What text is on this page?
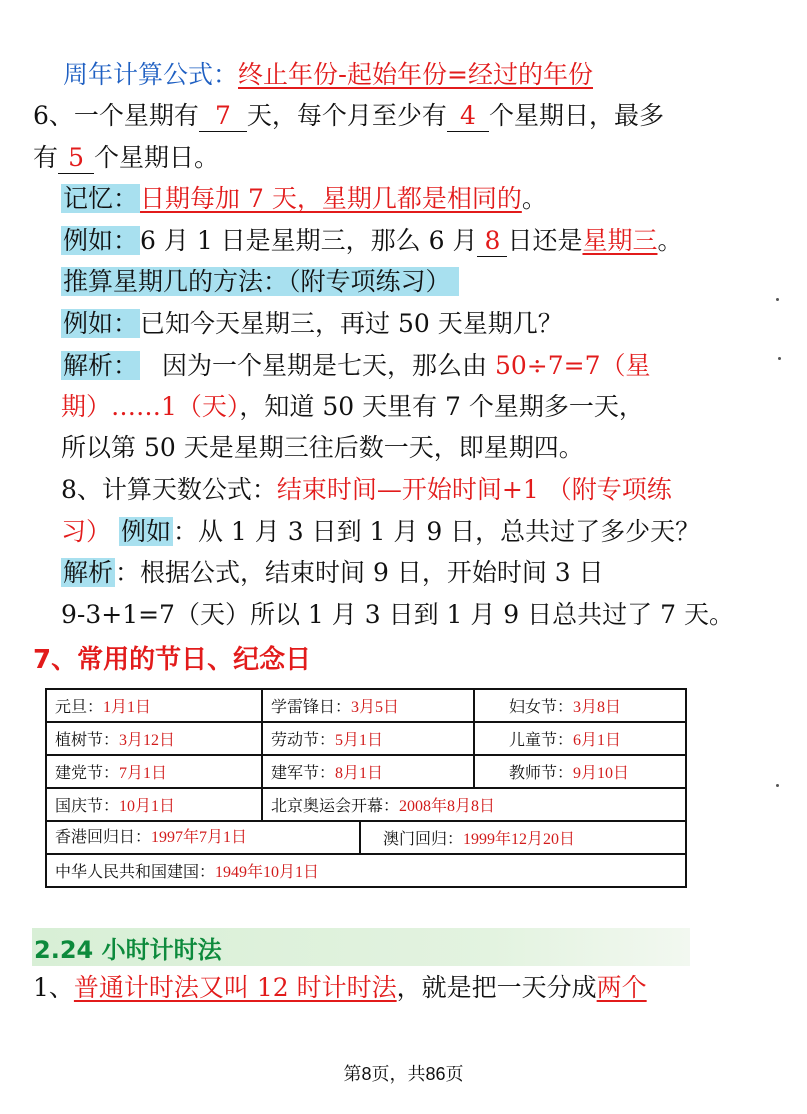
周年计算公式：终止年份-起始年份=经过的年份
6、一个星期有 7 天，每个月至少有 4 个星期日，最多
有 5 个星期日。
记忆：日期每加 7 天，星期几都是相同的。
例如：6 月 1 日是星期三，那么 6 月 8 日还是星期三。
推算星期几的方法：（附专项练习）
例如：已知今天星期三，再过 50 天星期几？
解析： 因为一个星期是七天，那么由 50÷7=7（星
期）……1（天），知道 50 天里有 7 个星期多一天，
所以第 50 天是星期三往后数一天，即星期四。
8、计算天数公式：结束时间—开始时间+1 （附专项练
习） 例如：从 1 月 3 日到 1 月 9 日，总共过了多少天？
解析：根据公式，结束时间 9 日，开始时间 3 日
9-3+1=7（天）所以 1 月 3 日到 1 月 9 日总共过了 7 天。
7、常用的节日、纪念日
元旦：1月1日	学雷锋日：3月5日	妇女节：3月8日
植树节：3月12日	劳动节：5月1日	儿童节：6月1日
建党节：7月1日	建军节：8月1日	教师节：9月10日
国庆节：10月1日	北京奥运会开幕：2008年8月8日	

香港回归日：1997年7月1日 澳门回归：1999年12月20日		

中华人民共和国建国：1949年10月1日		
2.24 小时计时法
1、普通计时法又叫 12 时计时法，就是把一天分成两个
第8页，共86页
